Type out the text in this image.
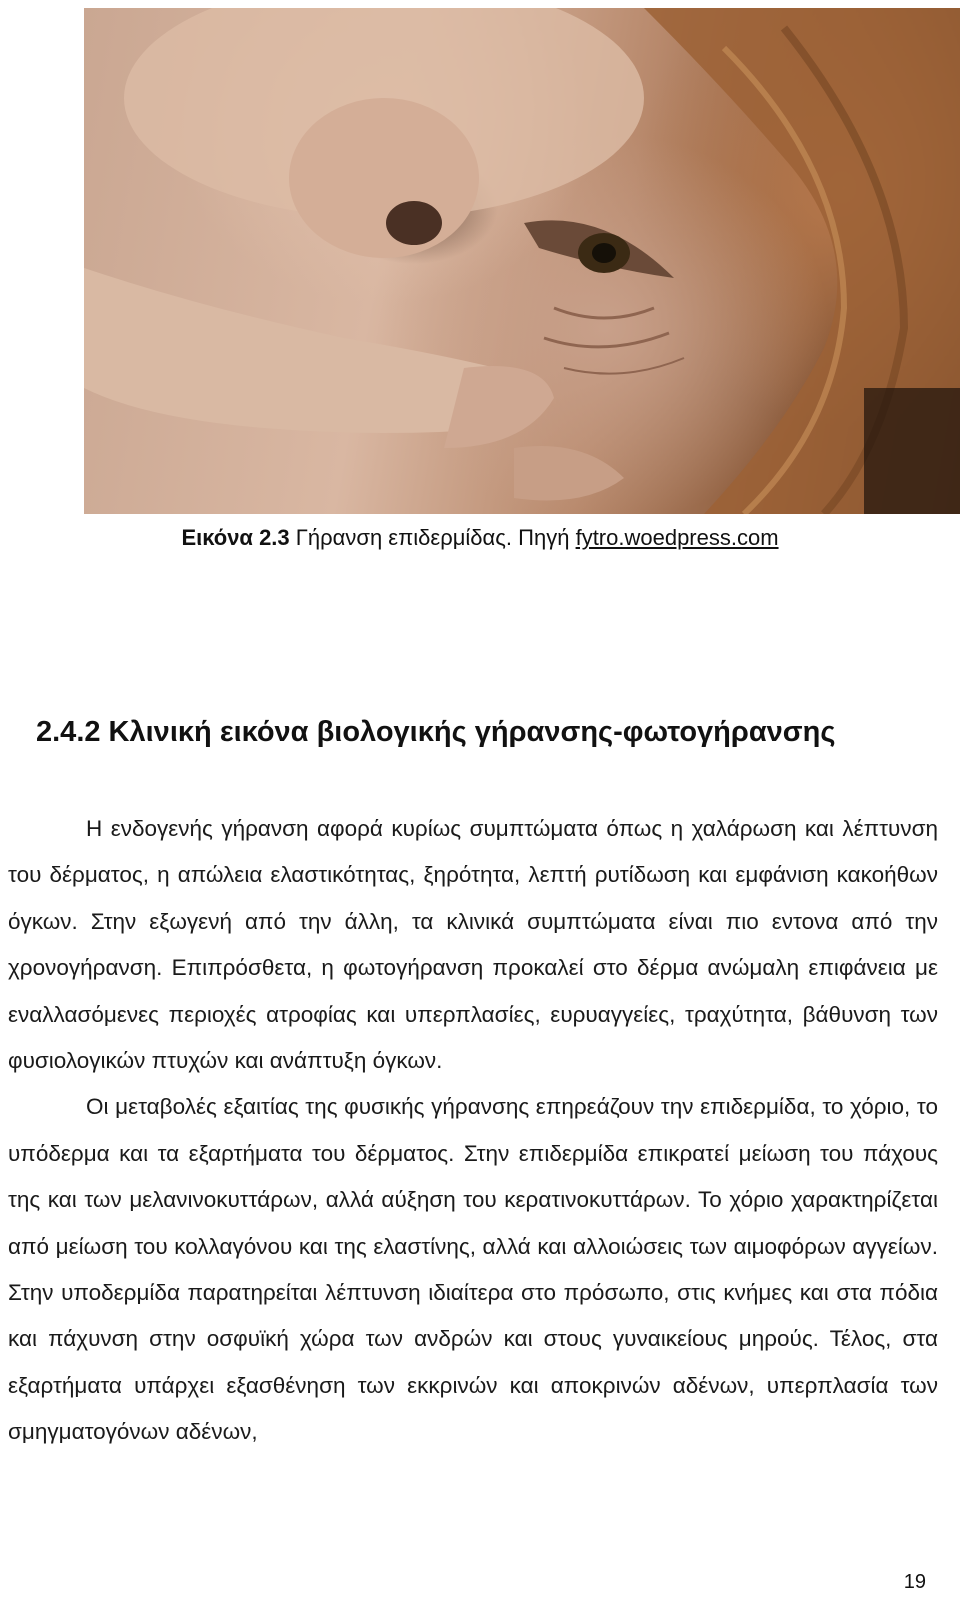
Εικόνα 2.3 Γήρανση επιδερμίδας. Πηγή fytro.woedpress.com
2.4.2 Κλινική εικόνα βιολογικής γήρανσης-φωτογήρανσης

Η ενδογενής γήρανση αφορά κυρίως συμπτώματα όπως η χαλάρωση και λέπτυνση του δέρματος, η απώλεια ελαστικότητας, ξηρότητα, λεπτή ρυτίδωση και εμφάνιση κακοήθων όγκων. Στην εξωγενή από την άλλη, τα κλινικά συμπτώματα είναι πιο εντονα από την χρονογήρανση. Επιπρόσθετα, η φωτογήρανση προκαλεί στο δέρμα ανώμαλη επιφάνεια με εναλλασόμενες περιοχές ατροφίας και υπερπλασίες, ευρυαγγείες, τραχύτητα, βάθυνση των φυσιολογικών πτυχών και ανάπτυξη όγκων.

Οι μεταβολές εξαιτίας της φυσικής γήρανσης επηρεάζουν την επιδερμίδα, το χόριο, το υπόδερμα και τα εξαρτήματα του δέρματος. Στην επιδερμίδα επικρατεί μείωση του πάχους της και των μελανινοκυττάρων, αλλά αύξηση του κερατινοκυττάρων. Το χόριο χαρακτηρίζεται από μείωση του κολλαγόνου και της ελαστίνης, αλλά και αλλοιώσεις των αιμοφόρων αγγείων. Στην υποδερμίδα παρατηρείται λέπτυνση ιδιαίτερα στο πρόσωπο, στις κνήμες και στα πόδια και πάχυνση στην οσφυϊκή χώρα των ανδρών και στους γυναικείους μηρούς. Τέλος, στα εξαρτήματα υπάρχει εξασθένηση των εκκρινών και αποκρινών αδένων, υπερπλασία των σμηγματογόνων αδένων,

19
